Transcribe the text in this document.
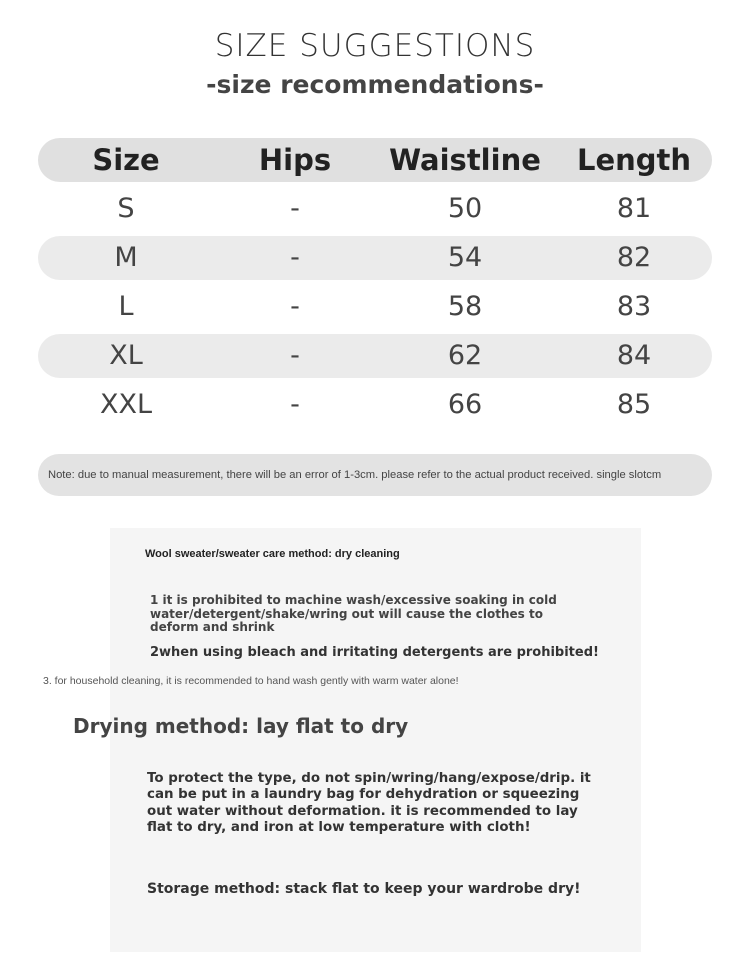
SIZE SUGGESTIONS
-size recommendations-
Size	Hips	Waistline	Length
S	-	50	81
M	-	54	82
L	-	58	83
XL	-	62	84
XXL	-	66	85
Note: due to manual measurement, there will be an error of 1-3cm. please refer to the actual product received. single slotcm
Wool sweater/sweater care method: dry cleaning
1 it is prohibited to machine wash/excessive soaking in cold water/detergent/shake/wring out will cause the clothes to deform and shrink
2when using bleach and irritating detergents are prohibited!
3. for household cleaning, it is recommended to hand wash gently with warm water alone!
Drying method: lay flat to dry
To protect the type, do not spin/wring/hang/expose/drip. it can be put in a laundry bag for dehydration or squeezing out water without deformation. it is recommended to lay flat to dry, and iron at low temperature with cloth!
Storage method: stack flat to keep your wardrobe dry!
